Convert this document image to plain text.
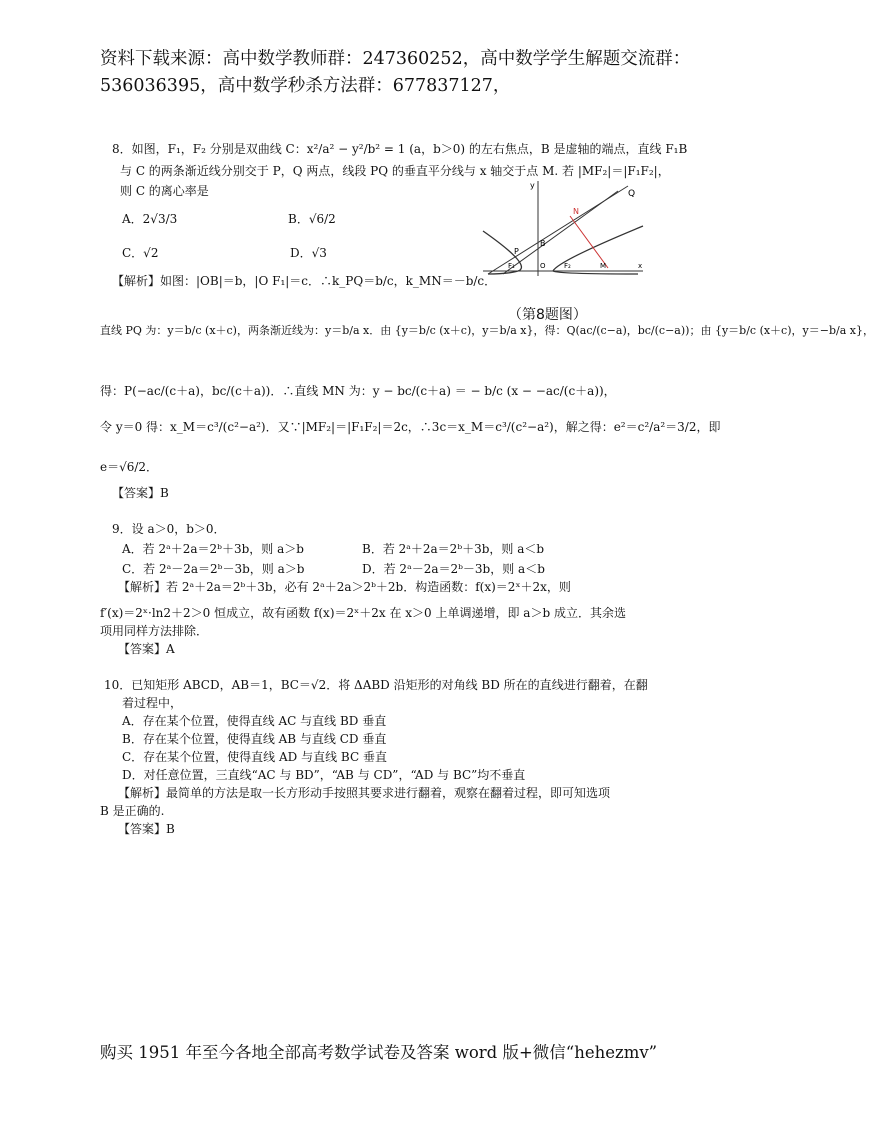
资料下载来源：高中数学教师群：247360252，高中数学学生解题交流群：
536036395，高中数学秒杀方法群：677837127，
8．如图，F₁，F₂ 分别是双曲线 C：x²/a² − y²/b² = 1 (a，b＞0) 的左右焦点，B 是虚轴的端点，直线 F₁B
与 C 的两条渐近线分别交于 P，Q 两点，线段 PQ 的垂直平分线与 x 轴交于点 M. 若 |MF₂|＝|F₁F₂|，
则 C 的离心率是
A．2√3/3	B．√6/2
C．√2	D．√3
【解析】如图：|OB|＝b，|O F₁|＝c．∴k_PQ＝b/c，k_MN＝－b/c．
直线 PQ 为：y＝b/c (x＋c)，两条渐近线为：y＝b/a x．由 {y＝b/c (x＋c)，y＝b/a x}，得：Q(ac/(c−a)，bc/(c−a))；由 {y＝b/c (x＋c)，y＝−b/a x}，
得：P(−ac/(c＋a)，bc/(c＋a))．∴直线 MN 为：y − bc/(c＋a) ＝ − b/c (x − −ac/(c＋a))，
令 y＝0 得：x_M＝c³/(c²−a²)．又∵|MF₂|＝|F₁F₂|＝2c，∴3c＝x_M＝c³/(c²−a²)，解之得：e²＝c²/a²＝3/2，即
e＝√6/2．
【答案】B
y
Q
N
B
P
F₁	O	F₂	M	x
（第8题图）
9．设 a＞0，b＞0．
A．若 2ᵃ＋2a＝2ᵇ＋3b，则 a＞b	B．若 2ᵃ＋2a＝2ᵇ＋3b，则 a＜b
C．若 2ᵃ－2a＝2ᵇ－3b，则 a＞b	D．若 2ᵃ－2a＝2ᵇ－3b，则 a＜b
【解析】若 2ᵃ＋2a＝2ᵇ＋3b，必有 2ᵃ＋2a＞2ᵇ＋2b．构造函数：f(x)＝2ˣ＋2x，则
f′(x)＝2ˣ·ln2＋2＞0 恒成立，故有函数 f(x)＝2ˣ＋2x 在 x＞0 上单调递增，即 a＞b 成立．其余选
项用同样方法排除．
【答案】A
10．已知矩形 ABCD，AB＝1，BC＝√2．将 ΔABD 沿矩形的对角线 BD 所在的直线进行翻着，在翻
着过程中，
A．存在某个位置，使得直线 AC 与直线 BD 垂直
B．存在某个位置，使得直线 AB 与直线 CD 垂直
C．存在某个位置，使得直线 AD 与直线 BC 垂直
D．对任意位置，三直线“AC 与 BD”，“AB 与 CD”，“AD 与 BC”均不垂直
【解析】最简单的方法是取一长方形动手按照其要求进行翻着，观察在翻着过程，即可知选项
B 是正确的.
【答案】B
购买 1951 年至今各地全部高考数学试卷及答案 word 版+微信“hehezmv”
